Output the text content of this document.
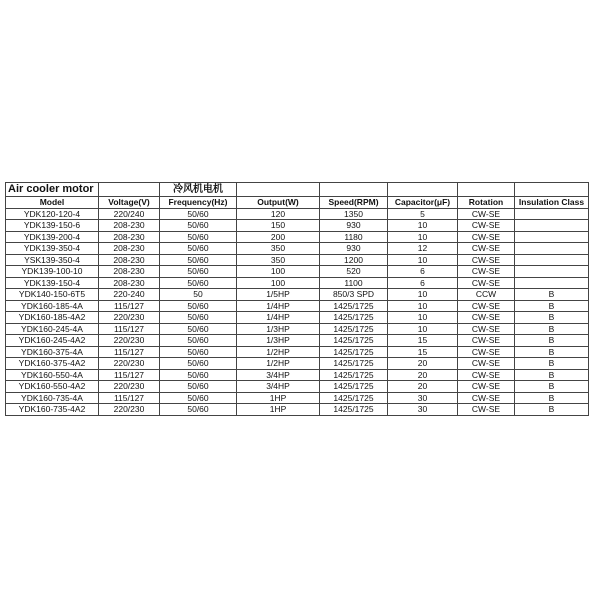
Air cooler motor		冷风机电机					
Model	Voltage(V)	Frequency(Hz)	Output(W)	Speed(RPM)	Capacitor(μF)	Rotation	Insulation Class
YDK120-120-4	220/240	50/60	120	1350	5	CW-SE	
YDK139-150-6	208-230	50/60	150	930	10	CW-SE	
YDK139-200-4	208-230	50/60	200	1180	10	CW-SE	
YDK139-350-4	208-230	50/60	350	930	12	CW-SE	
YSK139-350-4	208-230	50/60	350	1200	10	CW-SE	
YDK139-100-10	208-230	50/60	100	520	6	CW-SE	
YDK139-150-4	208-230	50/60	100	1100	6	CW-SE	
YDK140-150-6T5	220-240	50	1/5HP	850/3 SPD	10	CCW	B
YDK160-185-4A	115/127	50/60	1/4HP	1425/1725	10	CW-SE	B
YDK160-185-4A2	220/230	50/60	1/4HP	1425/1725	10	CW-SE	B
YDK160-245-4A	115/127	50/60	1/3HP	1425/1725	10	CW-SE	B
YDK160-245-4A2	220/230	50/60	1/3HP	1425/1725	15	CW-SE	B
YDK160-375-4A	115/127	50/60	1/2HP	1425/1725	15	CW-SE	B
YDK160-375-4A2	220/230	50/60	1/2HP	1425/1725	20	CW-SE	B
YDK160-550-4A	115/127	50/60	3/4HP	1425/1725	20	CW-SE	B
YDK160-550-4A2	220/230	50/60	3/4HP	1425/1725	20	CW-SE	B
YDK160-735-4A	115/127	50/60	1HP	1425/1725	30	CW-SE	B
YDK160-735-4A2	220/230	50/60	1HP	1425/1725	30	CW-SE	B
